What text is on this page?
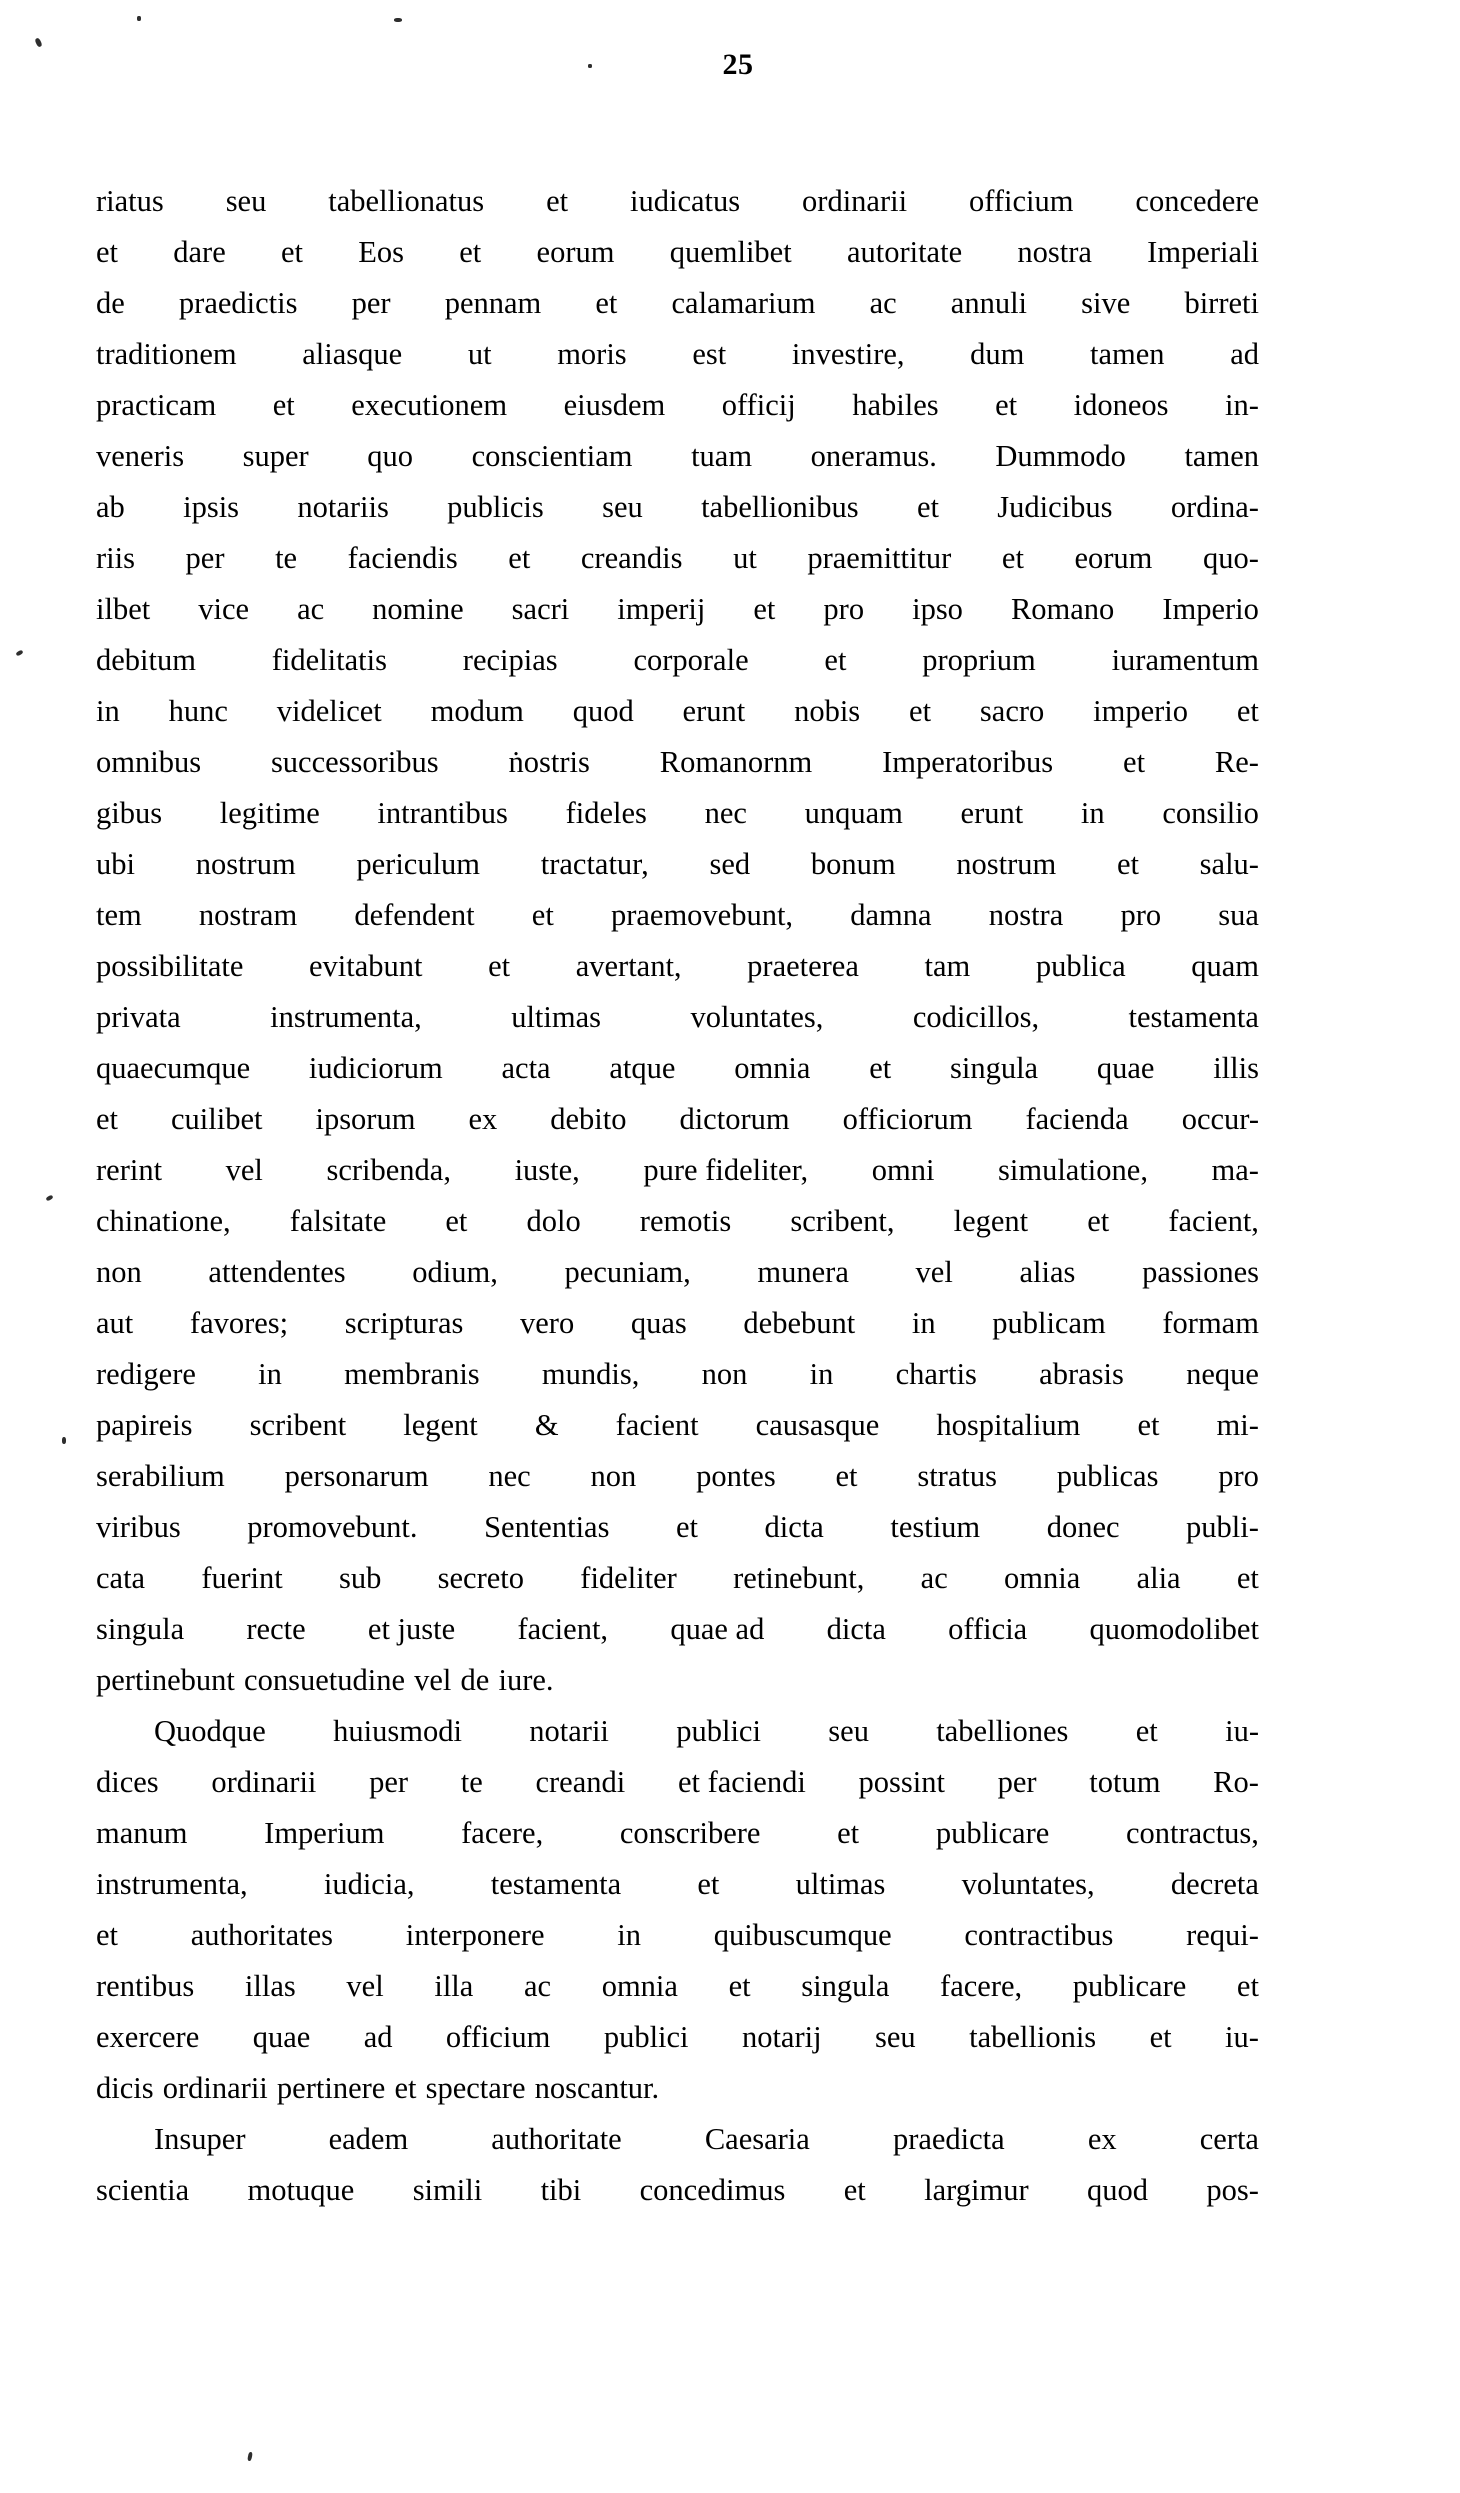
25
riatus seu tabellionatus et iudicatus ordinarii officium concedere
et dare et Eos et eorum quemlibet autoritate nostra Imperiali
de praedictis per pennam et calamarium ac annuli sive birreti
traditionem aliasque ut moris est investire, dum tamen ad
practicam et executionem eiusdem officij habiles et idoneos in-
veneris super quo conscientiam tuam oneramus. Dummodo tamen
ab ipsis notariis publicis seu tabellionibus et Judicibus ordina-
riis per te faciendis et creandis ut praemittitur et eorum quo-
ilbet vice ac nomine sacri imperij et pro ipso Romano Imperio
debitum fidelitatis recipias corporale et proprium iuramentum
in hunc videlicet modum quod erunt nobis et sacro imperio et
omnibus successoribus ṅostris Romanornm Imperatoribus et Re-
gibus legitime intrantibus fideles nec unquam erunt in consilio
ubi nostrum periculum tractatur, sed bonum nostrum et salu-
tem nostram defendent et praemovebunt, damna nostra pro sua
possibilitate evitabunt et avertant, praeterea tam publica quam
privata	instrumenta,	ultimas	voluntates,	codicillos,	testamenta
quaecumque iudiciorum acta atque omnia et singula quae illis
et cuilibet ipsorum ex debito dictorum officiorum facienda occur-
rerint vel scribenda, iuste, pure fideliter, omni simulatione, ma-
chinatione, falsitate et dolo remotis scribent, legent et facient,
non attendentes odium, pecuniam, munera vel alias passiones
aut favores; scripturas vero quas debebunt in publicam formam
redigere in membranis mundis, non in chartis abrasis neque
papireis scribent legent & facient causasque hospitalium et mi-
serabilium personarum nec non pontes et stratus publicas pro
viribus promovebunt. Sententias et dicta testium donec publi-
cata fuerint sub secreto fideliter retinebunt, ac omnia alia et
singula recte et juste facient, quae ad dicta officia quomodolibet
pertinebunt consuetudine vel de iure.
Quodque huiusmodi notarii publici seu tabelliones et iu-
dices ordinarii per te creandi et faciendi possint per totum Ro-
manum	Imperium	facere,	conscribere	et	publicare	contractus,
instrumenta, iudicia, testamenta et ultimas voluntates, decreta
et authoritates interponere in quibuscumque contractibus requi-
rentibus illas vel illa ac omnia et singula facere, publicare et
exercere quae ad officium publici notarij seu tabellionis et iu-
dicis ordinarii pertinere et spectare noscantur.
Insuper	eadem	authoritate	Caesaria	praedicta	ex	certa
scientia motuque simili tibi concedimus et largimur quod pos-
